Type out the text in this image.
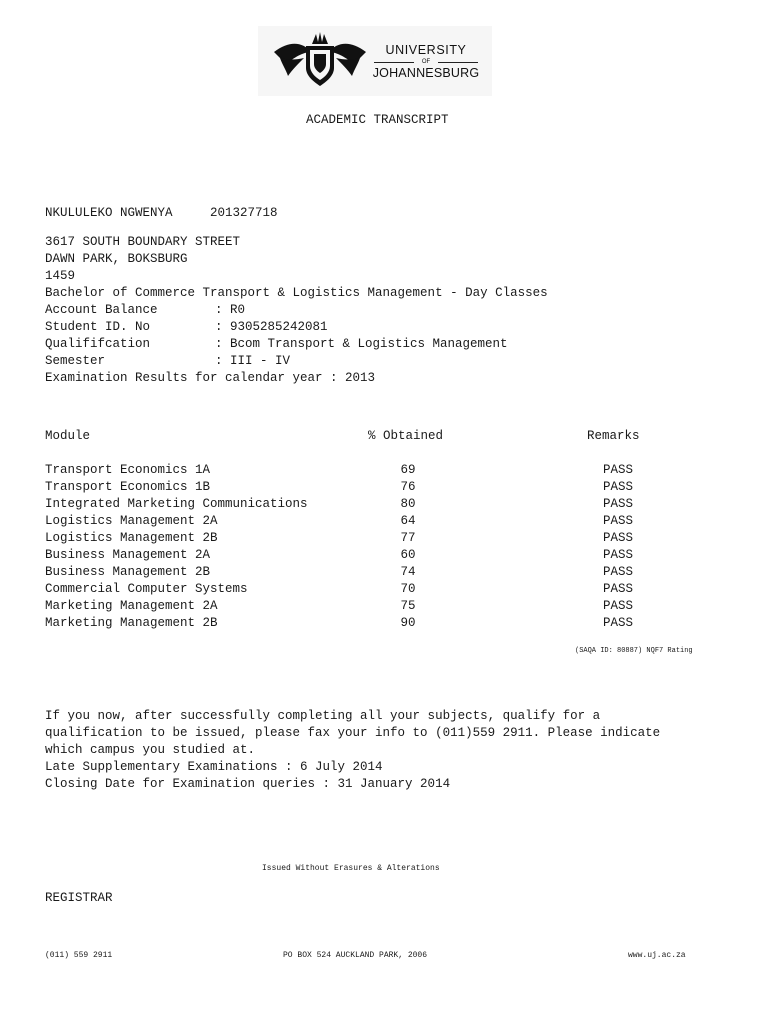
UNIVERSITY
OF
JOHANNESBURG
ACADEMIC TRANSCRIPT
NKULULEKO NGWENYA	201327718
3617 SOUTH BOUNDARY STREET
DAWN PARK, BOKSBURG
1459
Bachelor of Commerce Transport & Logistics Management - Day Classes
Account Balance	: R0
Student ID. No	: 9305285242081
Qualififcation	: Bcom Transport & Logistics Management
Semester	: III - IV
Examination Results for calendar year : 2013
Module	% Obtained	Remarks
Transport Economics 1A	69	PASS
Transport Economics 1B	76	PASS
Integrated Marketing Communications	80	PASS
Logistics Management 2A	64	PASS
Logistics Management 2B	77	PASS
Business Management 2A	60	PASS
Business Management 2B	74	PASS
Commercial Computer Systems	70	PASS
Marketing Management 2A	75	PASS
Marketing Management 2B	90	PASS
(SAQA ID: 80887) NQF7 Rating
If you now, after successfully completing all your subjects, qualify for a
qualification to be issued, please fax your info to (011)559 2911. Please indicate
which campus you studied at.
Late Supplementary Examinations : 6 July 2014
Closing Date for Examination queries : 31 January 2014
Issued Without Erasures & Alterations
REGISTRAR
(011) 559 2911	PO BOX 524 AUCKLAND PARK, 2006	www.uj.ac.za
